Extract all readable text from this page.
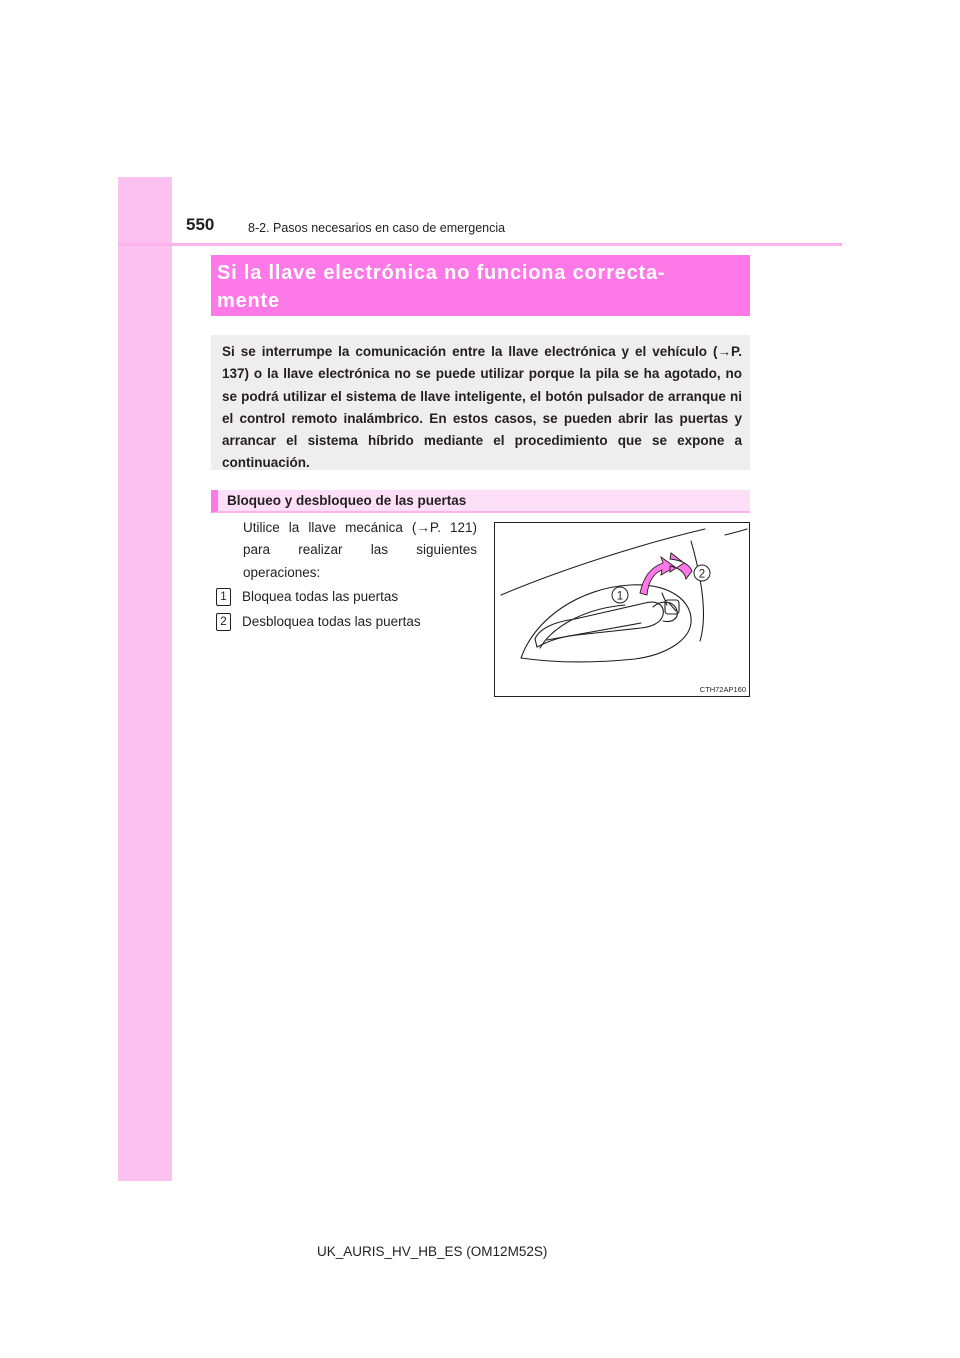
550	8-2. Pasos necesarios en caso de emergencia
Si la llave electrónica no funciona correcta-
mente
Si se interrumpe la comunicación entre la llave electrónica y el vehículo (→P. 137) o la llave electrónica no se puede utilizar porque la pila se ha agotado, no se podrá utilizar el sistema de llave inteligente, el botón pulsador de arranque ni el control remoto inalámbrico. En estos casos, se pueden abrir las puertas y arrancar el sistema híbrido mediante el procedimiento que se expone a continuación.
Bloqueo y desbloqueo de las puertas
Utilice la llave mecánica (→P. 121) para realizar las siguientes operaciones:
1 Bloquea todas las puertas
2 Desbloquea todas las puertas
1
2
CTH72AP160
UK_AURIS_HV_HB_ES (OM12M52S)
